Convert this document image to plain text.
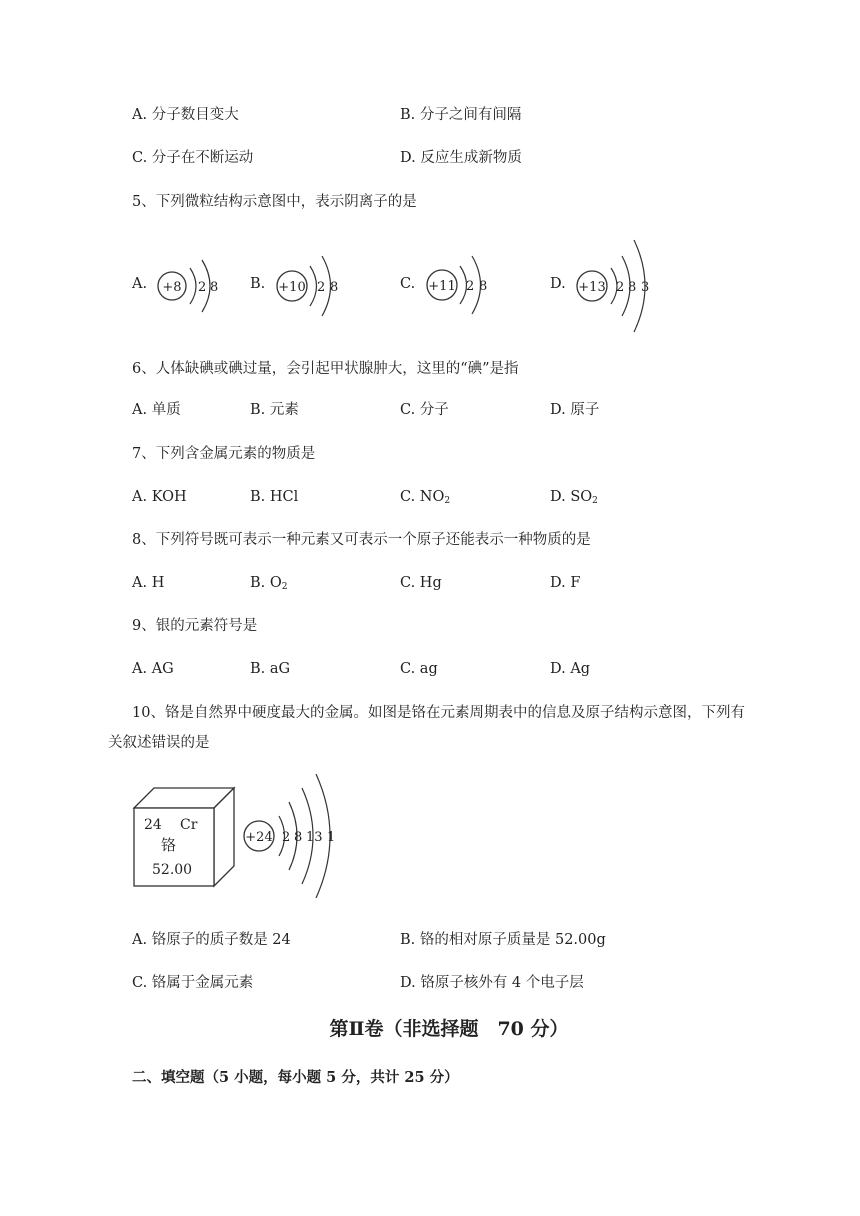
A. 分子数目变大	B. 分子之间有间隔
C. 分子在不断运动	D. 反应生成新物质
5、下列微粒结构示意图中，表示阴离子的是
A. +8 2 8 B. +10 2 8	C. +11 2 8	D. +13 2 8 3
6、人体缺碘或碘过量，会引起甲状腺肿大，这里的“碘”是指
A. 单质	B. 元素	C. 分子	D. 原子
7、下列含金属元素的物质是
A. KOH	B. HCl	C. $NO_2$	D. $SO_2$
8、下列符号既可表示一种元素又可表示一个原子还能表示一种物质的是
A. H	B. $O_2$	C. Hg	D. F
9、银的元素符号是
A. AG	B. aG	C. ag	D. Ag
10、铬是自然界中硬度最大的金属。如图是铬在元素周期表中的信息及原子结构示意图，下列有
关叙述错误的是
24 Cr
铬
52.00
+24 2 8 13 1
A. 铬原子的质子数是 24	B. 铬的相对原子质量是 52.00g
C. 铬属于金属元素	D. 铬原子核外有 4 个电子层
第Ⅱ卷（非选择题　70 分）
二、填空题（5 小题，每小题 5 分，共计 25 分）
